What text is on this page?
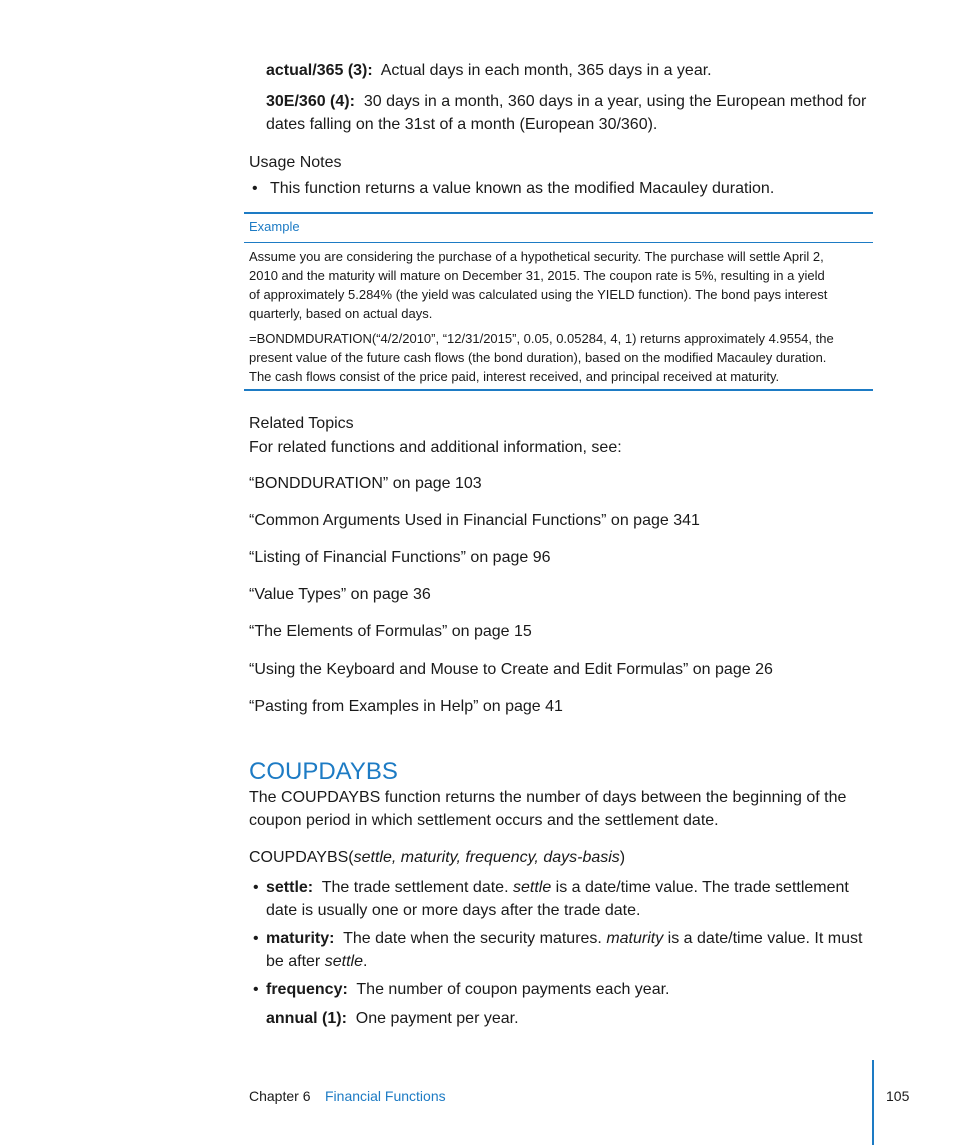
actual/365 (3): Actual days in each month, 365 days in a year.
30E/360 (4): 30 days in a month, 360 days in a year, using the European method for
dates falling on the 31st of a month (European 30/360).
Usage Notes
• This function returns a value known as the modified Macauley duration.
Example
Assume you are considering the purchase of a hypothetical security. The purchase will settle April 2,
2010 and the maturity will mature on December 31, 2015. The coupon rate is 5%, resulting in a yield
of approximately 5.284% (the yield was calculated using the YIELD function). The bond pays interest
quarterly, based on actual days.
=BONDMDURATION(“4/2/2010”, “12/31/2015”, 0.05, 0.05284, 4, 1) returns approximately 4.9554, the
present value of the future cash flows (the bond duration), based on the modified Macauley duration.
The cash flows consist of the price paid, interest received, and principal received at maturity.
Related Topics
For related functions and additional information, see:
“BONDDURATION” on page 103
“Common Arguments Used in Financial Functions” on page 341
“Listing of Financial Functions” on page 96
“Value Types” on page 36
“The Elements of Formulas” on page 15
“Using the Keyboard and Mouse to Create and Edit Formulas” on page 26
“Pasting from Examples in Help” on page 41
COUPDAYBS
The COUPDAYBS function returns the number of days between the beginning of the
coupon period in which settlement occurs and the settlement date.
COUPDAYBS(settle, maturity, frequency, days-basis)
• settle: The trade settlement date. settle is a date/time value. The trade settlement
date is usually one or more days after the trade date.
• maturity: The date when the security matures. maturity is a date/time value. It must
be after settle.
• frequency: The number of coupon payments each year.
annual (1): One payment per year.
Chapter 6 Financial Functions	105
